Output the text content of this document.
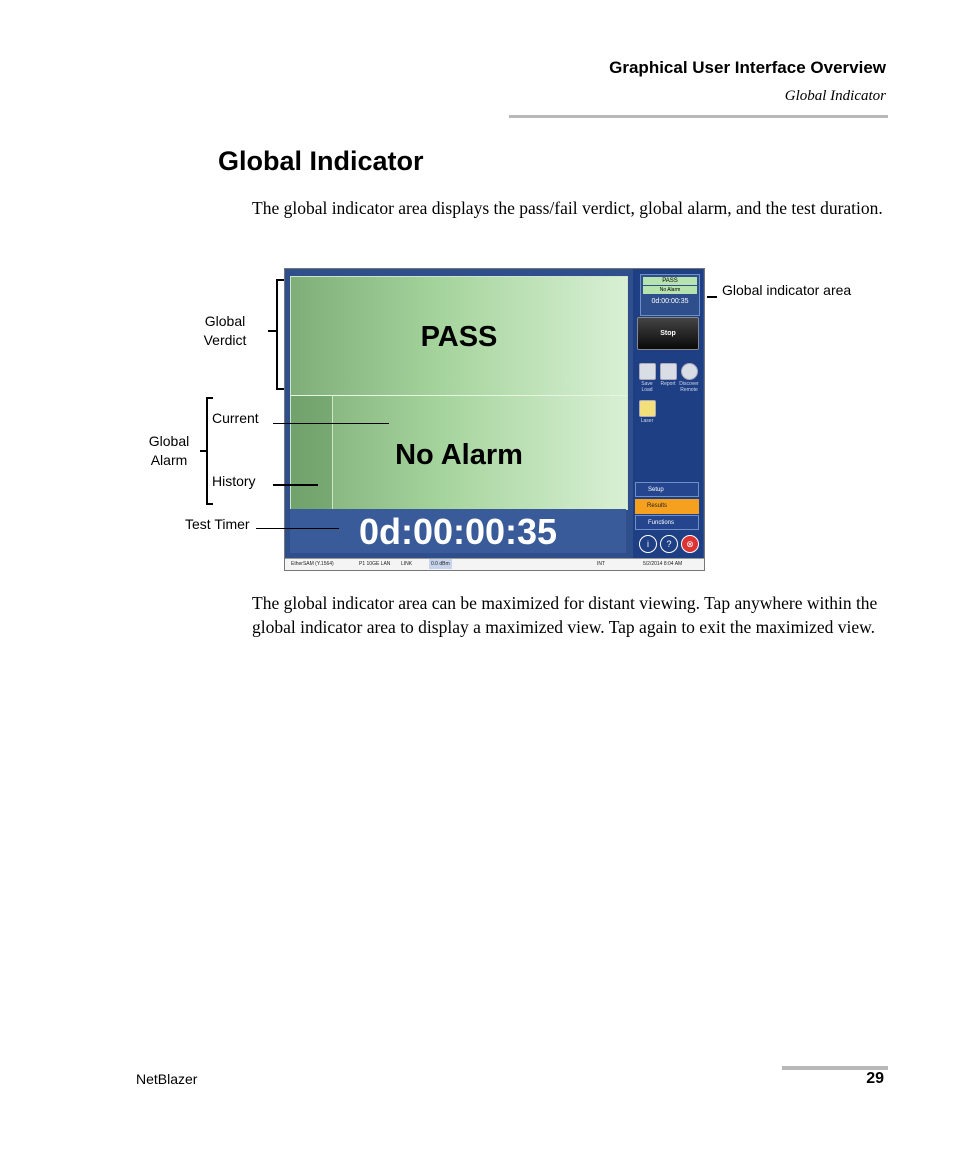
Graphical User Interface Overview
Global Indicator
Global Indicator
The global indicator area displays the pass/fail verdict, global alarm, and the test duration.
PASS
No Alarm
0d:00:00:35
PASS
No Alarm
0d:00:00:35
Stop
Save Load
Report Discover Remote
Laser
Setup
Results
Functions
i	?	⊗
EtherSAM (Y.1564)	P1 10GE LAN LINK	0.0 dBm	INT	5/2/2014 8:04 AM
Global
Verdict
Current
Global
Alarm
History
Test Timer
Global indicator area
The global indicator area can be maximized for distant viewing. Tap anywhere within the global indicator area to display a maximized view. Tap again to exit the maximized view.
NetBlazer	29
